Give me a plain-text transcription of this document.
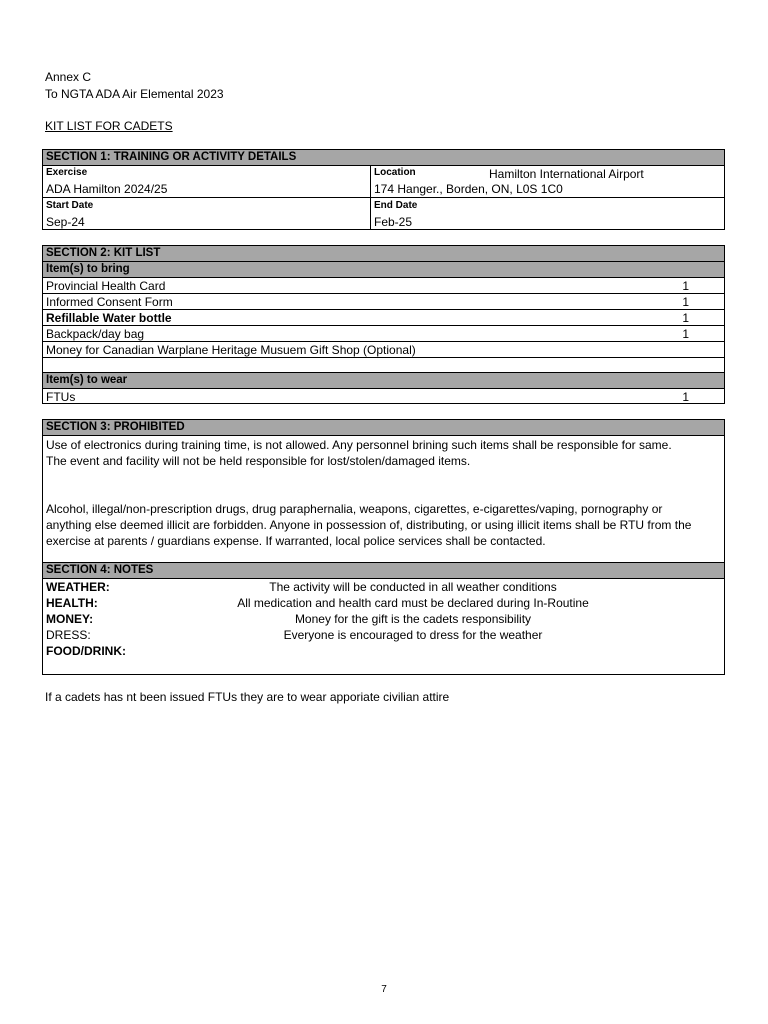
Annex C
To NGTA ADA Air Elemental 2023
KIT LIST FOR CADETS
SECTION 1: TRAINING OR ACTIVITY DETAILS
Exercise
ADA Hamilton 2024/25
Location	Hamilton International Airport
174 Hanger., Borden, ON, L0S 1C0
Start Date
Sep-24
End Date
Feb-25
SECTION 2: KIT LIST
Item(s) to bring
Provincial Health Card	1
Informed Consent Form	1
Refillable Water bottle	1
Backpack/day bag	1
Money for Canadian Warplane Heritage Musuem Gift Shop (Optional)
Item(s) to wear
FTUs	1
SECTION 3: PROHIBITED
Use of electronics during training time, is not allowed. Any personnel brining such items shall be responsible for same.
The event and facility will not be held responsible for lost/stolen/damaged items.
Alcohol, illegal/non-prescription drugs, drug paraphernalia, weapons, cigarettes, e-cigarettes/vaping, pornography or
anything else deemed illicit are forbidden. Anyone in possession of, distributing, or using illicit items shall be RTU from the
exercise at parents / guardians expense. If warranted, local police services shall be contacted.
SECTION 4: NOTES
WEATHER:	The activity will be conducted in all weather conditions
HEALTH:	All medication and health card must be declared during In-Routine
MONEY:	Money for the gift is the cadets responsibility
DRESS:	Everyone is encouraged to dress for the weather
FOOD/DRINK:
If a cadets has nt been issued FTUs they are to wear apporiate civilian attire
7
